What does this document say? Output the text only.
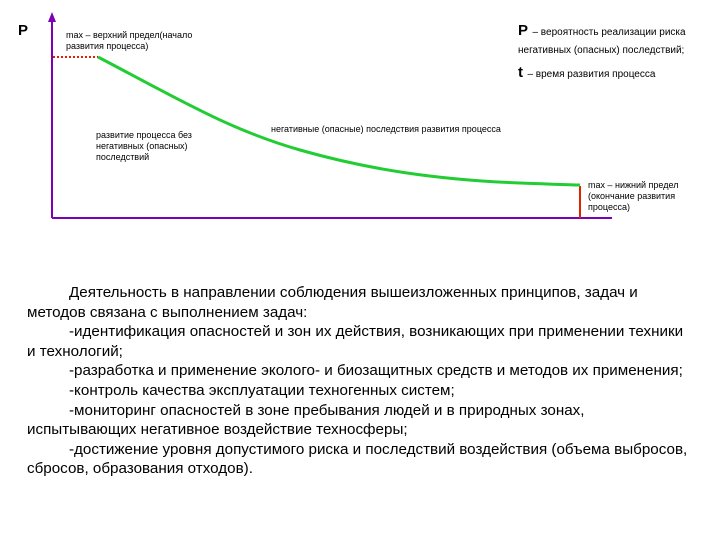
P	max – верхний предел(начало развития процесса)
развитие процесса без негативных (опасных) последствий
негативные (опасные) последствия развития процесса
max – нижний предел (окончание развития процесса)
P – вероятность реализации риска негативных (опасных) последствий;
t – время развития процесса

Деятельность в направлении соблюдения вышеизложенных принципов, задач и методов связана с выполнением задач:

-идентификация опасностей и зон их действия, возникающих при применении техники и технологий;

-разработка и применение эколого- и биозащитных средств и методов их применения;

-контроль качества эксплуатации техногенных систем;

-мониторинг опасностей в зоне пребывания людей и в природных зонах, испытывающих негативное воздействие техносферы;

-достижение уровня допустимого риска и последствий воздействия (объема выбросов, сбросов, образования отходов).
